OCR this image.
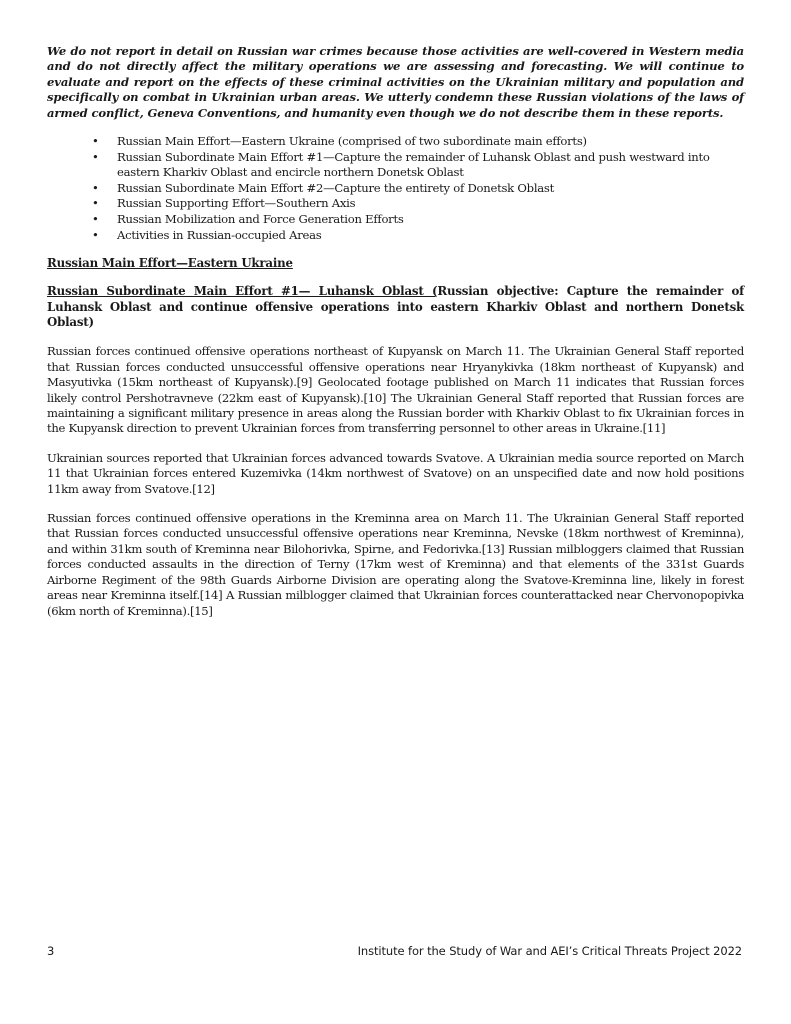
We do not report in detail on Russian war crimes because those activities are well-covered in Western media and do not directly affect the military operations we are assessing and forecasting. We will continue to evaluate and report on the effects of these criminal activities on the Ukrainian military and population and specifically on combat in Ukrainian urban areas. We utterly condemn these Russian violations of the laws of armed conflict, Geneva Conventions, and humanity even though we do not describe them in these reports.

• Russian Main Effort—Eastern Ukraine (comprised of two subordinate main efforts)
• Russian Subordinate Main Effort #1—Capture the remainder of Luhansk Oblast and push westward into eastern Kharkiv Oblast and encircle northern Donetsk Oblast
• Russian Subordinate Main Effort #2—Capture the entirety of Donetsk Oblast
• Russian Supporting Effort—Southern Axis
• Russian Mobilization and Force Generation Efforts
• Activities in Russian-occupied Areas
Russian Main Effort—Eastern Ukraine
Russian Subordinate Main Effort #1— Luhansk Oblast (Russian objective: Capture the remainder of Luhansk Oblast and continue offensive operations into eastern Kharkiv Oblast and northern Donetsk Oblast)

Russian forces continued offensive operations northeast of Kupyansk on March 11. The Ukrainian General Staff reported that Russian forces conducted unsuccessful offensive operations near Hryanykivka (18km northeast of Kupyansk) and Masyutivka (15km northeast of Kupyansk).[9] Geolocated footage published on March 11 indicates that Russian forces likely control Pershotravneve (22km east of Kupyansk).[10] The Ukrainian General Staff reported that Russian forces are maintaining a significant military presence in areas along the Russian border with Kharkiv Oblast to fix Ukrainian forces in the Kupyansk direction to prevent Ukrainian forces from transferring personnel to other areas in Ukraine.[11]

Ukrainian sources reported that Ukrainian forces advanced towards Svatove. A Ukrainian media source reported on March 11 that Ukrainian forces entered Kuzemivka (14km northwest of Svatove) on an unspecified date and now hold positions 11km away from Svatove.[12]

Russian forces continued offensive operations in the Kreminna area on March 11. The Ukrainian General Staff reported that Russian forces conducted unsuccessful offensive operations near Kreminna, Nevske (18km northwest of Kreminna), and within 31km south of Kreminna near Bilohorivka, Spirne, and Fedorivka.[13] Russian milbloggers claimed that Russian forces conducted assaults in the direction of Terny (17km west of Kreminna) and that elements of the 331st Guards Airborne Regiment of the 98th Guards Airborne Division are operating along the Svatove-Kreminna line, likely in forest areas near Kreminna itself.[14] A Russian milblogger claimed that Ukrainian forces counterattacked near Chervonopopivka (6km north of Kreminna).[15]

3	Institute for the Study of War and AEI’s Critical Threats Project 2022
